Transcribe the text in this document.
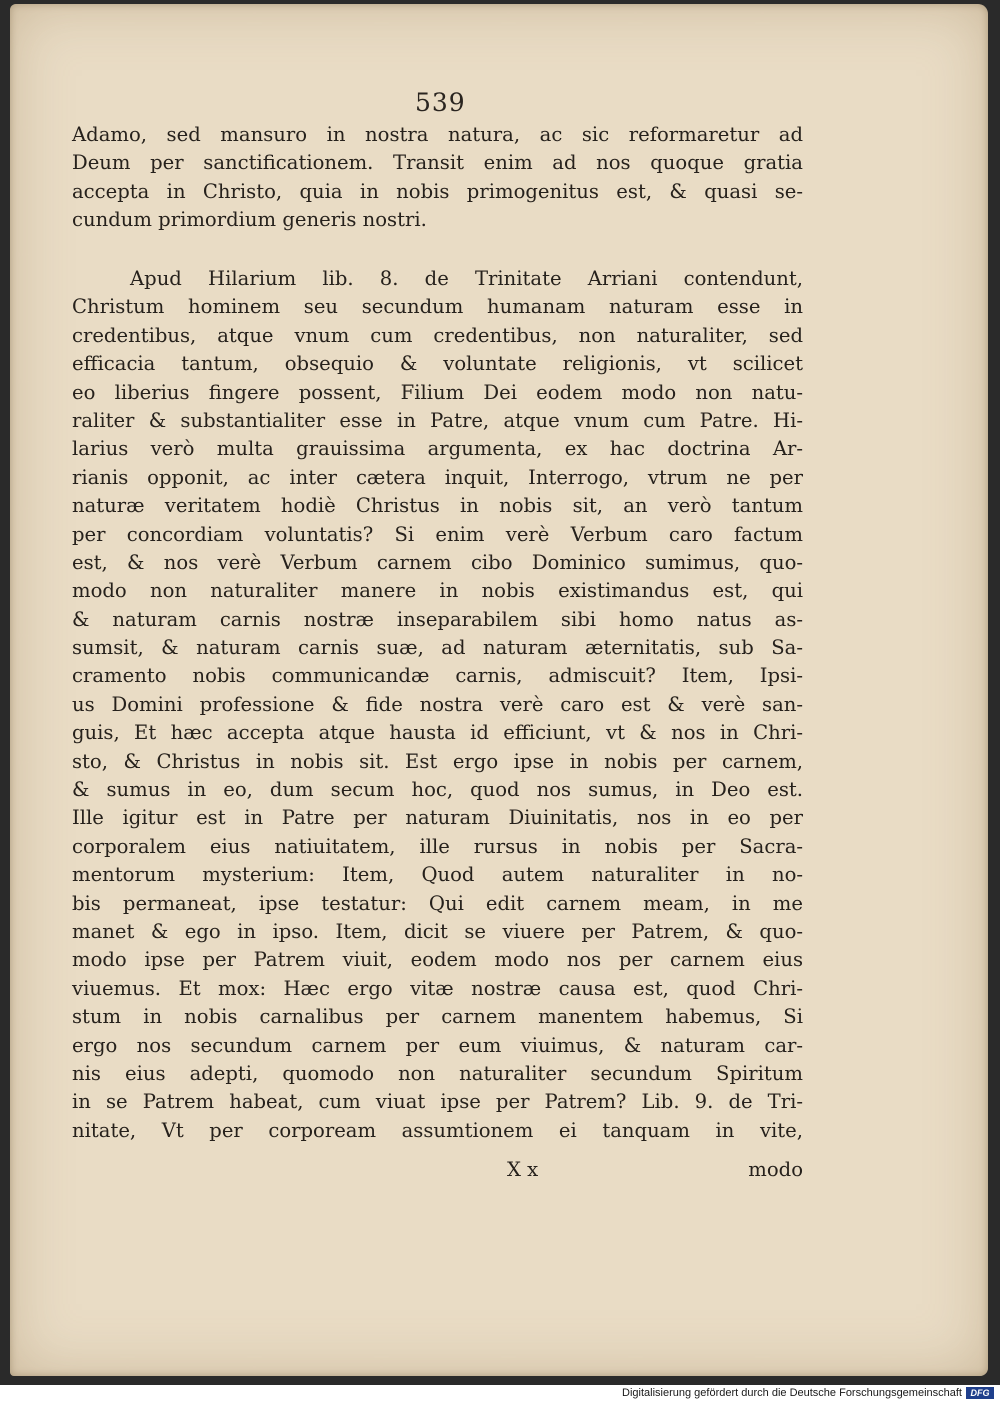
539

Adamo, sed mansuro in nostra natura, ac sic reformaretur ad
Deum per sanctificationem. Transit enim ad nos quoque gratia
accepta in Christo, quia in nobis primogenitus est, & quasi se-
cundum primordium generis nostri.

Apud Hilarium lib. 8. de Trinitate Arriani contendunt,
Christum hominem seu secundum humanam naturam esse in
credentibus, atque vnum cum credentibus, non naturaliter, sed
efficacia tantum, obsequio & voluntate religionis, vt scilicet
eo liberius fingere possent, Filium Dei eodem modo non natu-
raliter & substantialiter esse in Patre, atque vnum cum Patre. Hi-
larius verò multa grauissima argumenta, ex hac doctrina Ar-
rianis opponit, ac inter cætera inquit, Interrogo, vtrum ne per
naturæ veritatem hodiè Christus in nobis sit, an verò tantum
per concordiam voluntatis? Si enim verè Verbum caro factum
est, & nos verè Verbum carnem cibo Dominico sumimus, quo-
modo non naturaliter manere in nobis existimandus est, qui
& naturam carnis nostræ inseparabilem sibi homo natus as-
sumsit, & naturam carnis suæ, ad naturam æternitatis, sub Sa-
cramento nobis communicandæ carnis, admiscuit? Item, Ipsi-
us Domini professione & fide nostra verè caro est & verè san-
guis, Et hæc accepta atque hausta id efficiunt, vt & nos in Chri-
sto, & Christus in nobis sit. Est ergo ipse in nobis per carnem,
& sumus in eo, dum secum hoc, quod nos sumus, in Deo est.
Ille igitur est in Patre per naturam Diuinitatis, nos in eo per
corporalem eius natiuitatem, ille rursus in nobis per Sacra-
mentorum mysterium: Item, Quod autem naturaliter in no-
bis permaneat, ipse testatur: Qui edit carnem meam, in me
manet & ego in ipso. Item, dicit se viuere per Patrem, & quo-
modo ipse per Patrem viuit, eodem modo nos per carnem eius
viuemus. Et mox: Hæc ergo vitæ nostræ causa est, quod Chri-
stum in nobis carnalibus per carnem manentem habemus, Si
ergo nos secundum carnem per eum viuimus, & naturam car-
nis eius adepti, quomodo non naturaliter secundum Spiritum
in se Patrem habeat, cum viuat ipse per Patrem? Lib. 9. de Tri-
nitate, Vt per corpoream assumtionem ei tanquam in vite,

X x	modo
Digitalisierung gefördert durch die Deutsche Forschungsgemeinschaft DFG
